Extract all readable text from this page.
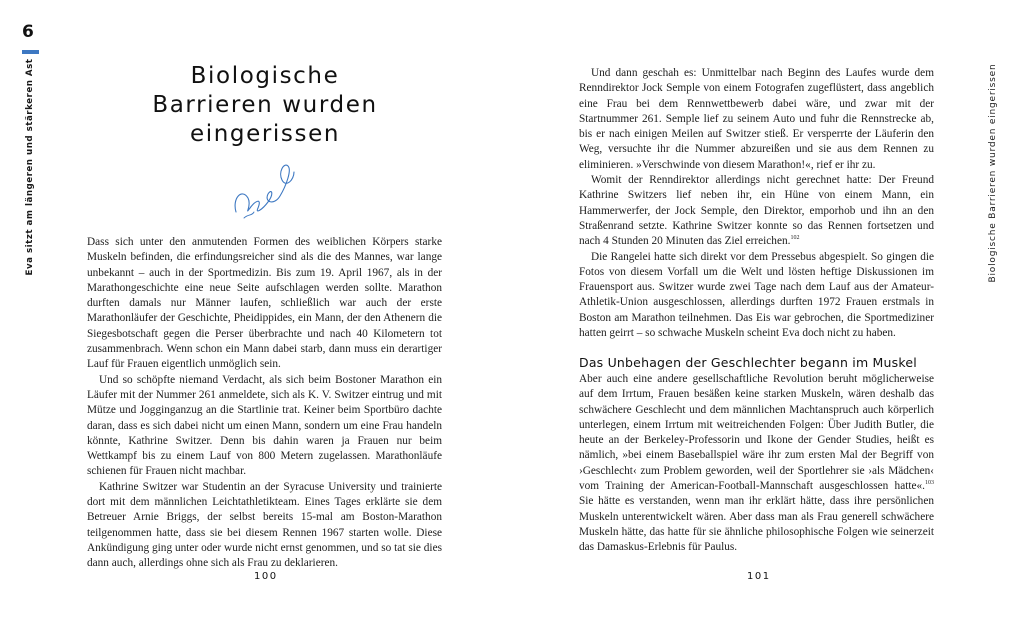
6
Eva sitzt am längeren und stärkeren Ast	Biologische Barrieren wurden eingerissen
Biologische
Barrieren wurden
eingerissen

Dass sich unter den anmutenden Formen des weiblichen Körpers starke Muskeln befinden, die erfindungsreicher sind als die des Mannes, war lange unbekannt – auch in der Sportmedizin. Bis zum 19. April 1967, als in der Marathongeschichte eine neue Seite aufschlagen werden sollte. Marathon durften damals nur Männer laufen, schließlich war auch der erste Marathonläufer der Geschichte, Pheidippides, ein Mann, der den Athenern die Siegesbotschaft gegen die Perser überbrachte und nach 40 Kilometern tot zusammenbrach. Wenn schon ein Mann dabei starb, dann muss ein derartiger Lauf für Frauen eigentlich unmöglich sein.

Und so schöpfte niemand Verdacht, als sich beim Bostoner Marathon ein Läufer mit der Nummer 261 anmeldete, sich als K. V. Switzer eintrug und mit Mütze und Jogginganzug an die Startlinie trat. Keiner beim Sportbüro dachte daran, dass es sich dabei nicht um einen Mann, sondern um eine Frau handeln könnte, Kathrine Switzer. Denn bis dahin waren ja Frauen nur beim Wettkampf bis zu einem Lauf von 800 Metern zugelassen. Marathonläufe schienen für Frauen nicht machbar.

Kathrine Switzer war Studentin an der Syracuse University und trainierte dort mit dem männlichen Leichtathletikteam. Eines Tages erklärte sie dem Betreuer Arnie Briggs, der selbst bereits 15-mal am Boston-Marathon teilgenommen hatte, dass sie bei diesem Rennen 1967 starten wolle. Diese Ankündigung ging unter oder wurde nicht ernst genommen, und so tat sie dies dann auch, allerdings ohne sich als Frau zu deklarieren.

Und dann geschah es: Unmittelbar nach Beginn des Laufes wurde dem Renndirektor Jock Semple von einem Fotografen zugeflüstert, dass angeblich eine Frau bei dem Rennwettbewerb dabei wäre, und zwar mit der Startnummer 261. Semple lief zu seinem Auto und fuhr die Rennstrecke ab, bis er nach einigen Meilen auf Switzer stieß. Er versperrte der Läuferin den Weg, versuchte ihr die Nummer abzureißen und sie aus dem Rennen zu eliminieren. »Verschwinde von diesem Marathon!«, rief er ihr zu.

Womit der Renndirektor allerdings nicht gerechnet hatte: Der Freund Kathrine Switzers lief neben ihr, ein Hüne von einem Mann, ein Hammerwerfer, der Jock Semple, den Direktor, emporhob und ihn an den Straßenrand setzte. Kathrine Switzer konnte so das Rennen fortsetzen und nach 4 Stunden 20 Minuten das Ziel erreichen.$^{102}$

Die Rangelei hatte sich direkt vor dem Pressebus abgespielt. So gingen die Fotos von diesem Vorfall um die Welt und lösten heftige Diskussionen im Frauensport aus. Switzer wurde zwei Tage nach dem Lauf aus der Amateur-Athletik-Union ausgeschlossen, allerdings durften 1972 Frauen erstmals in Boston am Marathon teilnehmen. Das Eis war gebrochen, die Sportmediziner hatten geirrt – so schwache Muskeln scheint Eva doch nicht zu haben.

Das Unbehagen der Geschlechter begann im Muskel

Aber auch eine andere gesellschaftliche Revolution beruht möglicherweise auf dem Irrtum, Frauen besäßen keine starken Muskeln, wären deshalb das schwächere Geschlecht und dem männlichen Machtanspruch auch körperlich unterlegen, einem Irrtum mit weitreichenden Folgen: Über Judith Butler, die heute an der Berkeley-Professorin und Ikone der Gender Studies, heißt es nämlich, »bei einem Baseballspiel wäre ihr zum ersten Mal der Begriff von ›Geschlecht‹ zum Problem geworden, weil der Sportlehrer sie ›als Mädchen‹ vom Training der American-Football-Mannschaft ausgeschlossen hatte«.$^{103}$ Sie hätte es verstanden, wenn man ihr erklärt hätte, dass ihre persönlichen Muskeln unterentwickelt wären. Aber dass man als Frau generell schwächere Muskeln hätte, das hatte für sie ähnliche philosophische Folgen wie seinerzeit das Damaskus-Erlebnis für Paulus.

100	101
